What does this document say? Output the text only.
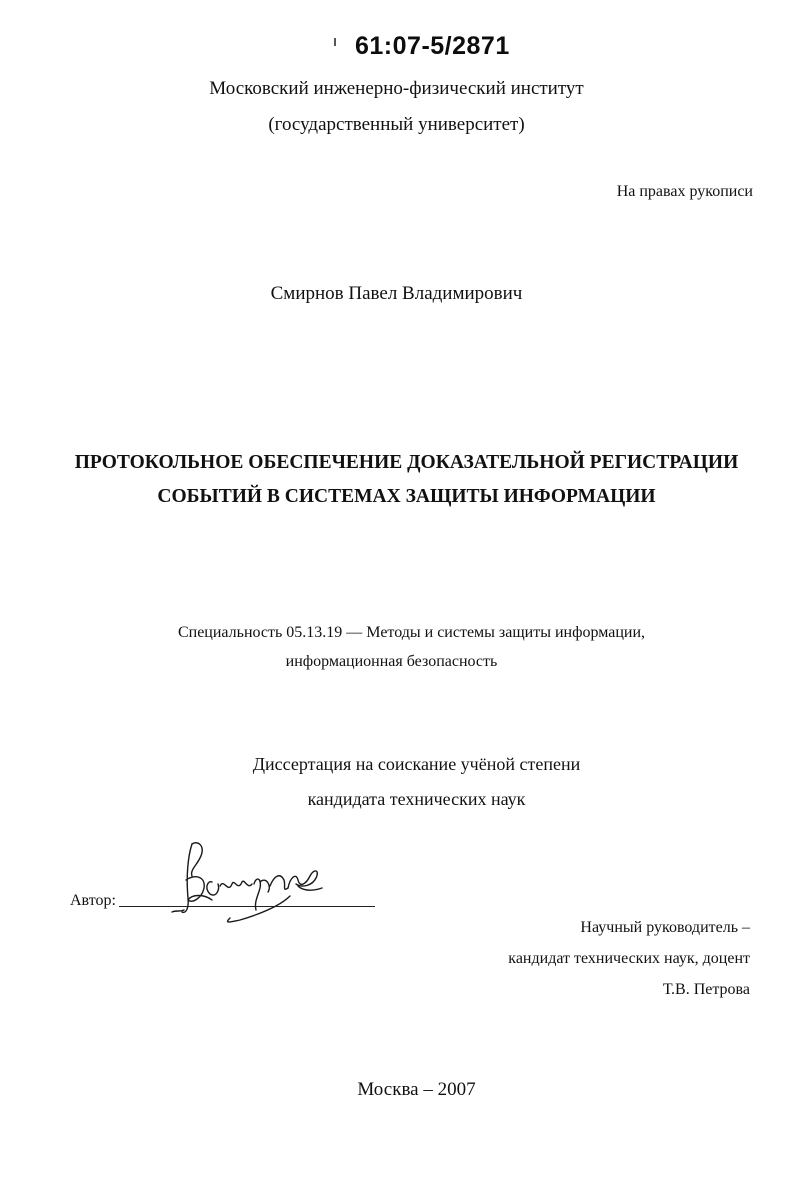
61:07-5/2871
Московский инженерно-физический институт
(государственный университет)
На правах рукописи
Смирнов Павел Владимирович
ПРОТОКОЛЬНОЕ ОБЕСПЕЧЕНИЕ ДОКАЗАТЕЛЬНОЙ РЕГИСТРАЦИИ
СОБЫТИЙ В СИСТЕМАХ ЗАЩИТЫ ИНФОРМАЦИИ
Специальность 05.13.19 — Методы и системы защиты информации,
информационная безопасность
Диссертация на соискание учёной степени
кандидата технических наук
Автор:
Научный руководитель –
кандидат технических наук, доцент
Т.В. Петрова
Москва – 2007
